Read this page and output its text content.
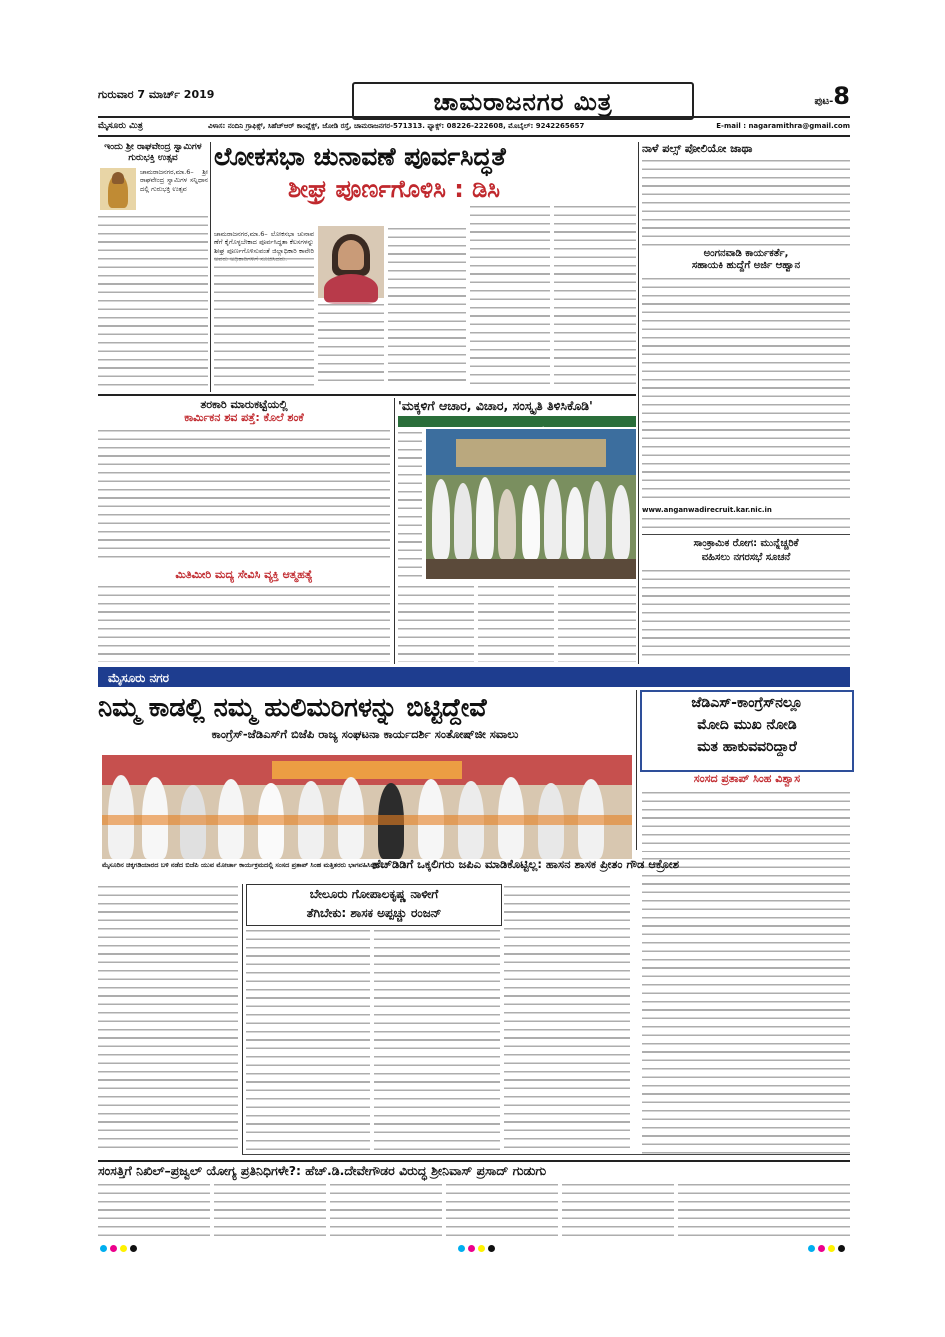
ಗುರುವಾರ 7 ಮಾರ್ಚ್ 2019	ಚಾಮರಾಜನಗರ ಮಿತ್ರ	ಪುಟ-8
ಮೈಸೂರು ಮಿತ್ರ	ವಿಳಾಸ: ನಂದಿನಿ ಗ್ರಾಫಿಕ್ಸ್, ಸಿಹೆಚ್‌ಆರ್ ಕಾಂಪ್ಲೆಕ್ಸ್, ಜೋಡಿ ರಸ್ತೆ, ಚಾಮರಾಜನಗರ-571313. ಫ್ಯಾಕ್ಸ್: 08226-222608, ಮೊಬೈಲ್: 9242265657	E-mail : nagaramithra@gmail.com
ಇಂದು ಶ್ರೀ ರಾಘವೇಂದ್ರ ಸ್ವಾಮಿಗಳ ಗುರುಭಕ್ತಿ ಉತ್ಸವ
ಚಾಮರಾಜನಗರ,ಮಾ.6– ಶ್ರೀ ರಾಘವೇಂದ್ರ ಸ್ವಾಮಿಗಳ ಸನ್ನಿಧಾನದಲ್ಲಿ ಗುರುಭಕ್ತಿ ಉತ್ಸವ
ಲೋಕಸಭಾ ಚುನಾವಣೆ ಪೂರ್ವಸಿದ್ಧತೆ
ಶೀಘ್ರ ಪೂರ್ಣಗೊಳಿಸಿ : ಡಿಸಿ
ಚಾಮರಾಜನಗರ,ಮಾ.6– ಲೋಕಸಭಾ ಚುನಾವಣೆಗೆ ಕೈಗೊಳ್ಳಬೇಕಾದ ಪೂರ್ವಸಿದ್ಧತಾ ಕೆಲಸಗಳನ್ನು ಶೀಘ್ರ ಪೂರ್ಣಗೊಳಿಸುವಂತೆ ಜಿಲ್ಲಾಧಿಕಾರಿ ಕಾವೇರಿ
ನಾಳೆ ಪಲ್ಸ್ ಪೋಲಿಯೋ ಜಾಥಾ
ಅಂಗನವಾಡಿ ಕಾರ್ಯಕರ್ತೆ,
ಸಹಾಯಕಿ ಹುದ್ದೆಗೆ ಅರ್ಜಿ ಆಹ್ವಾನ
www.anganwadirecruit.kar.nic.in
ಸಾಂಕ್ರಾಮಿಕ ರೋಗ: ಮುನ್ನೆಚ್ಚರಿಕೆ
ವಹಿಸಲು ನಗರಸಭೆ ಸೂಚನೆ
ತರಕಾರಿ ಮಾರುಕಟ್ಟೆಯಲ್ಲಿ
ಕಾರ್ಮಿಕನ ಶವ ಪತ್ತೆ: ಕೊಲೆ ಶಂಕೆ
ಮಿತಿಮೀರಿ ಮದ್ಯ ಸೇವಿಸಿ ವ್ಯಕ್ತಿ ಆತ್ಮಹತ್ಯೆ
'ಮಕ್ಕಳಿಗೆ ಆಚಾರ, ವಿಚಾರ, ಸಂಸ್ಕೃತಿ ತಿಳಿಸಿಕೊಡಿ'
ಶಿವರಾತ್ರಿ
ಮೈಸೂರು ನಗರ
ನಿಮ್ಮ ಕಾಡಲ್ಲಿ ನಮ್ಮ ಹುಲಿಮರಿಗಳನ್ನು ಬಿಟ್ಟಿದ್ದೇವೆ
ಕಾಂಗ್ರೆಸ್-ಜೆಡಿಎಸ್‌ಗೆ ಬಿಜೆಪಿ ರಾಜ್ಯ ಸಂಘಟನಾ ಕಾರ್ಯದರ್ಶಿ ಸಂತೋಷ್‌ಜೀ ಸವಾಲು
ಮೈಸೂರಿನ ಚಿಕ್ಕಗಡಿಯಾರದ ಬಳಿ ನಡೆದ ಬಿಜೆಪಿ ಯುವ ಮೋರ್ಚಾ ಕಾರ್ಯಕ್ರಮದಲ್ಲಿ ಸಂಸದ ಪ್ರತಾಪ್ ಸಿಂಹ ಮತ್ತಿತರರು ಭಾಗವಹಿಸಿದ್ದರು.
ಜೆಡಿಎಸ್-ಕಾಂಗ್ರೆಸ್‌ನಲ್ಲೂ
ಮೋದಿ ಮುಖ ನೋಡಿ
ಮತ ಹಾಕುವವರಿದ್ದಾರೆ
ಸಂಸದ ಪ್ರತಾಪ್ ಸಿಂಹ ವಿಶ್ವಾಸ
ಬೇಲೂರು ಗೋಪಾಲಕೃಷ್ಣ ನಾಳೀಗೆ
ತೆಗಿಬೇಕು: ಶಾಸಕ ಅಪ್ಪಚ್ಚು ರಂಜನ್
ಹೆಚ್‌ಡಿಡಿಗೆ ಒಕ್ಕಲಿಗರು ಜಪಿಎ ಮಾಡಿಕೊಟ್ಟಿಲ್ಲ: ಹಾಸನ ಶಾಸಕ ಪ್ರೀತಂ ಗೌಡ ಆಕ್ರೋಶ
ಸಂಸತ್ತಿಗೆ ನಿಖಿಲ್–ಪ್ರಜ್ವಲ್ ಯೋಗ್ಯ ಪ್ರತಿನಿಧಿಗಳೇ?: ಹೆಚ್.ಡಿ.ದೇವೇಗೌಡರ ವಿರುದ್ಧ ಶ್ರೀನಿವಾಸ್ ಪ್ರಸಾದ್ ಗುಡುಗು
